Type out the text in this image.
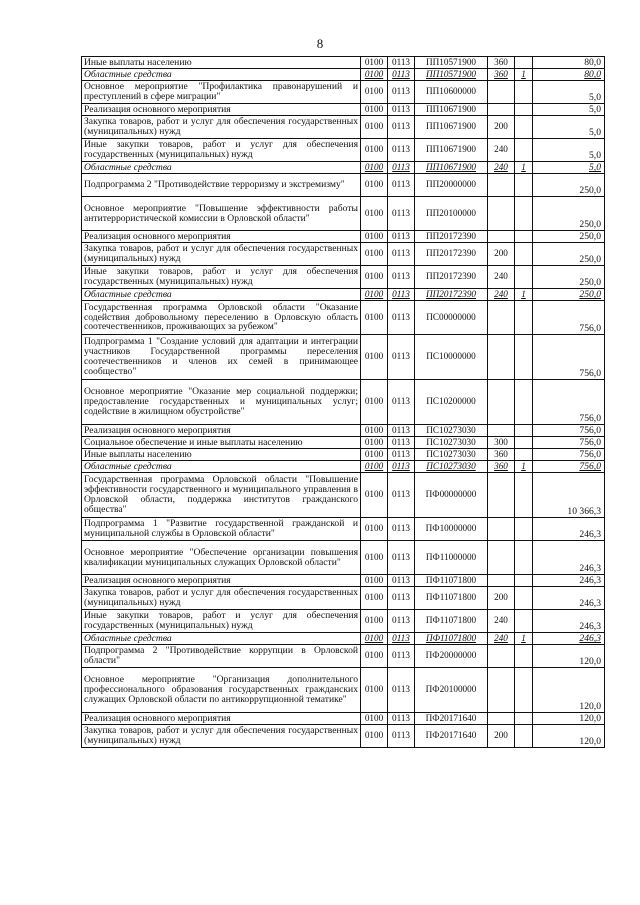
8
Иные выплаты населению	0100	0113	ПП10571900	360		80,0
Областные средства	0100	0113	ПП10571900	360	1	80,0
Основное мероприятие "Профилактика правонарушений и преступлений в сфере миграции"	0100	0113	ПП10600000			5,0
Реализация основного мероприятия	0100	0113	ПП10671900			5,0
Закупка товаров, работ и услуг для обеспечения государственных (муниципальных) нужд	0100	0113	ПП10671900	200		5,0
Иные закупки товаров, работ и услуг для обеспечения государственных (муниципальных) нужд	0100	0113	ПП10671900	240		5,0
Областные средства	0100	0113	ПП10671900	240	1	5,0
Подпрограмма 2 "Противодействие терроризму и экстремизму"	0100	0113	ПП20000000			250,0
Основное мероприятие "Повышение эффективности работы антитеррористической комиссии в Орловской области"	0100	0113	ПП20100000			250,0
Реализация основного мероприятия	0100	0113	ПП20172390			250,0
Закупка товаров, работ и услуг для обеспечения государственных (муниципальных) нужд	0100	0113	ПП20172390	200		250,0
Иные закупки товаров, работ и услуг для обеспечения государственных (муниципальных) нужд	0100	0113	ПП20172390	240		250,0
Областные средства	0100	0113	ПП20172390	240	1	250,0
Государственная программа Орловской области "Оказание содействия добровольному переселению в Орловскую область соотечественников, проживающих за рубежом"	0100	0113	ПС00000000			756,0
Подпрограмма 1 "Создание условий для адаптации и интеграции участников Государственной программы переселения соотечественников и членов их семей в принимающее сообщество"	0100	0113	ПС10000000			756,0
Основное мероприятие "Оказание мер социальной поддержки; предоставление государственных и муниципальных услуг; содействие в жилищном обустройстве"	0100	0113	ПС10200000			756,0
Реализация основного мероприятия	0100	0113	ПС10273030			756,0
Социальное обеспечение и иные выплаты населению	0100	0113	ПС10273030	300		756,0
Иные выплаты населению	0100	0113	ПС10273030	360		756,0
Областные средства	0100	0113	ПС10273030	360	1	756,0
Государственная программа Орловской области "Повышение эффективности государственного и муниципального управления в Орловской области, поддержка институтов гражданского общества"	0100	0113	ПФ00000000			10 366,3
Подпрограмма 1 "Развитие государственной гражданской и муниципальной службы в Орловской области"	0100	0113	ПФ10000000			246,3
Основное мероприятие "Обеспечение организации повышения квалификации муниципальных служащих Орловской области"	0100	0113	ПФ11000000			246,3
Реализация основного мероприятия	0100	0113	ПФ11071800			246,3
Закупка товаров, работ и услуг для обеспечения государственных (муниципальных) нужд	0100	0113	ПФ11071800	200		246,3
Иные закупки товаров, работ и услуг для обеспечения государственных (муниципальных) нужд	0100	0113	ПФ11071800	240		246,3
Областные средства	0100	0113	ПФ11071800	240	1	246,3
Подпрограмма 2 "Противодействие коррупции в Орловской области"	0100	0113	ПФ20000000			120,0
Основное мероприятие "Организация дополнительного профессионального образования государственных гражданских служащих Орловской области по антикоррупционной тематике"	0100	0113	ПФ20100000			120,0
Реализация основного мероприятия	0100	0113	ПФ20171640			120,0
Закупка товаров, работ и услуг для обеспечения государственных (муниципальных) нужд	0100	0113	ПФ20171640	200		120,0
